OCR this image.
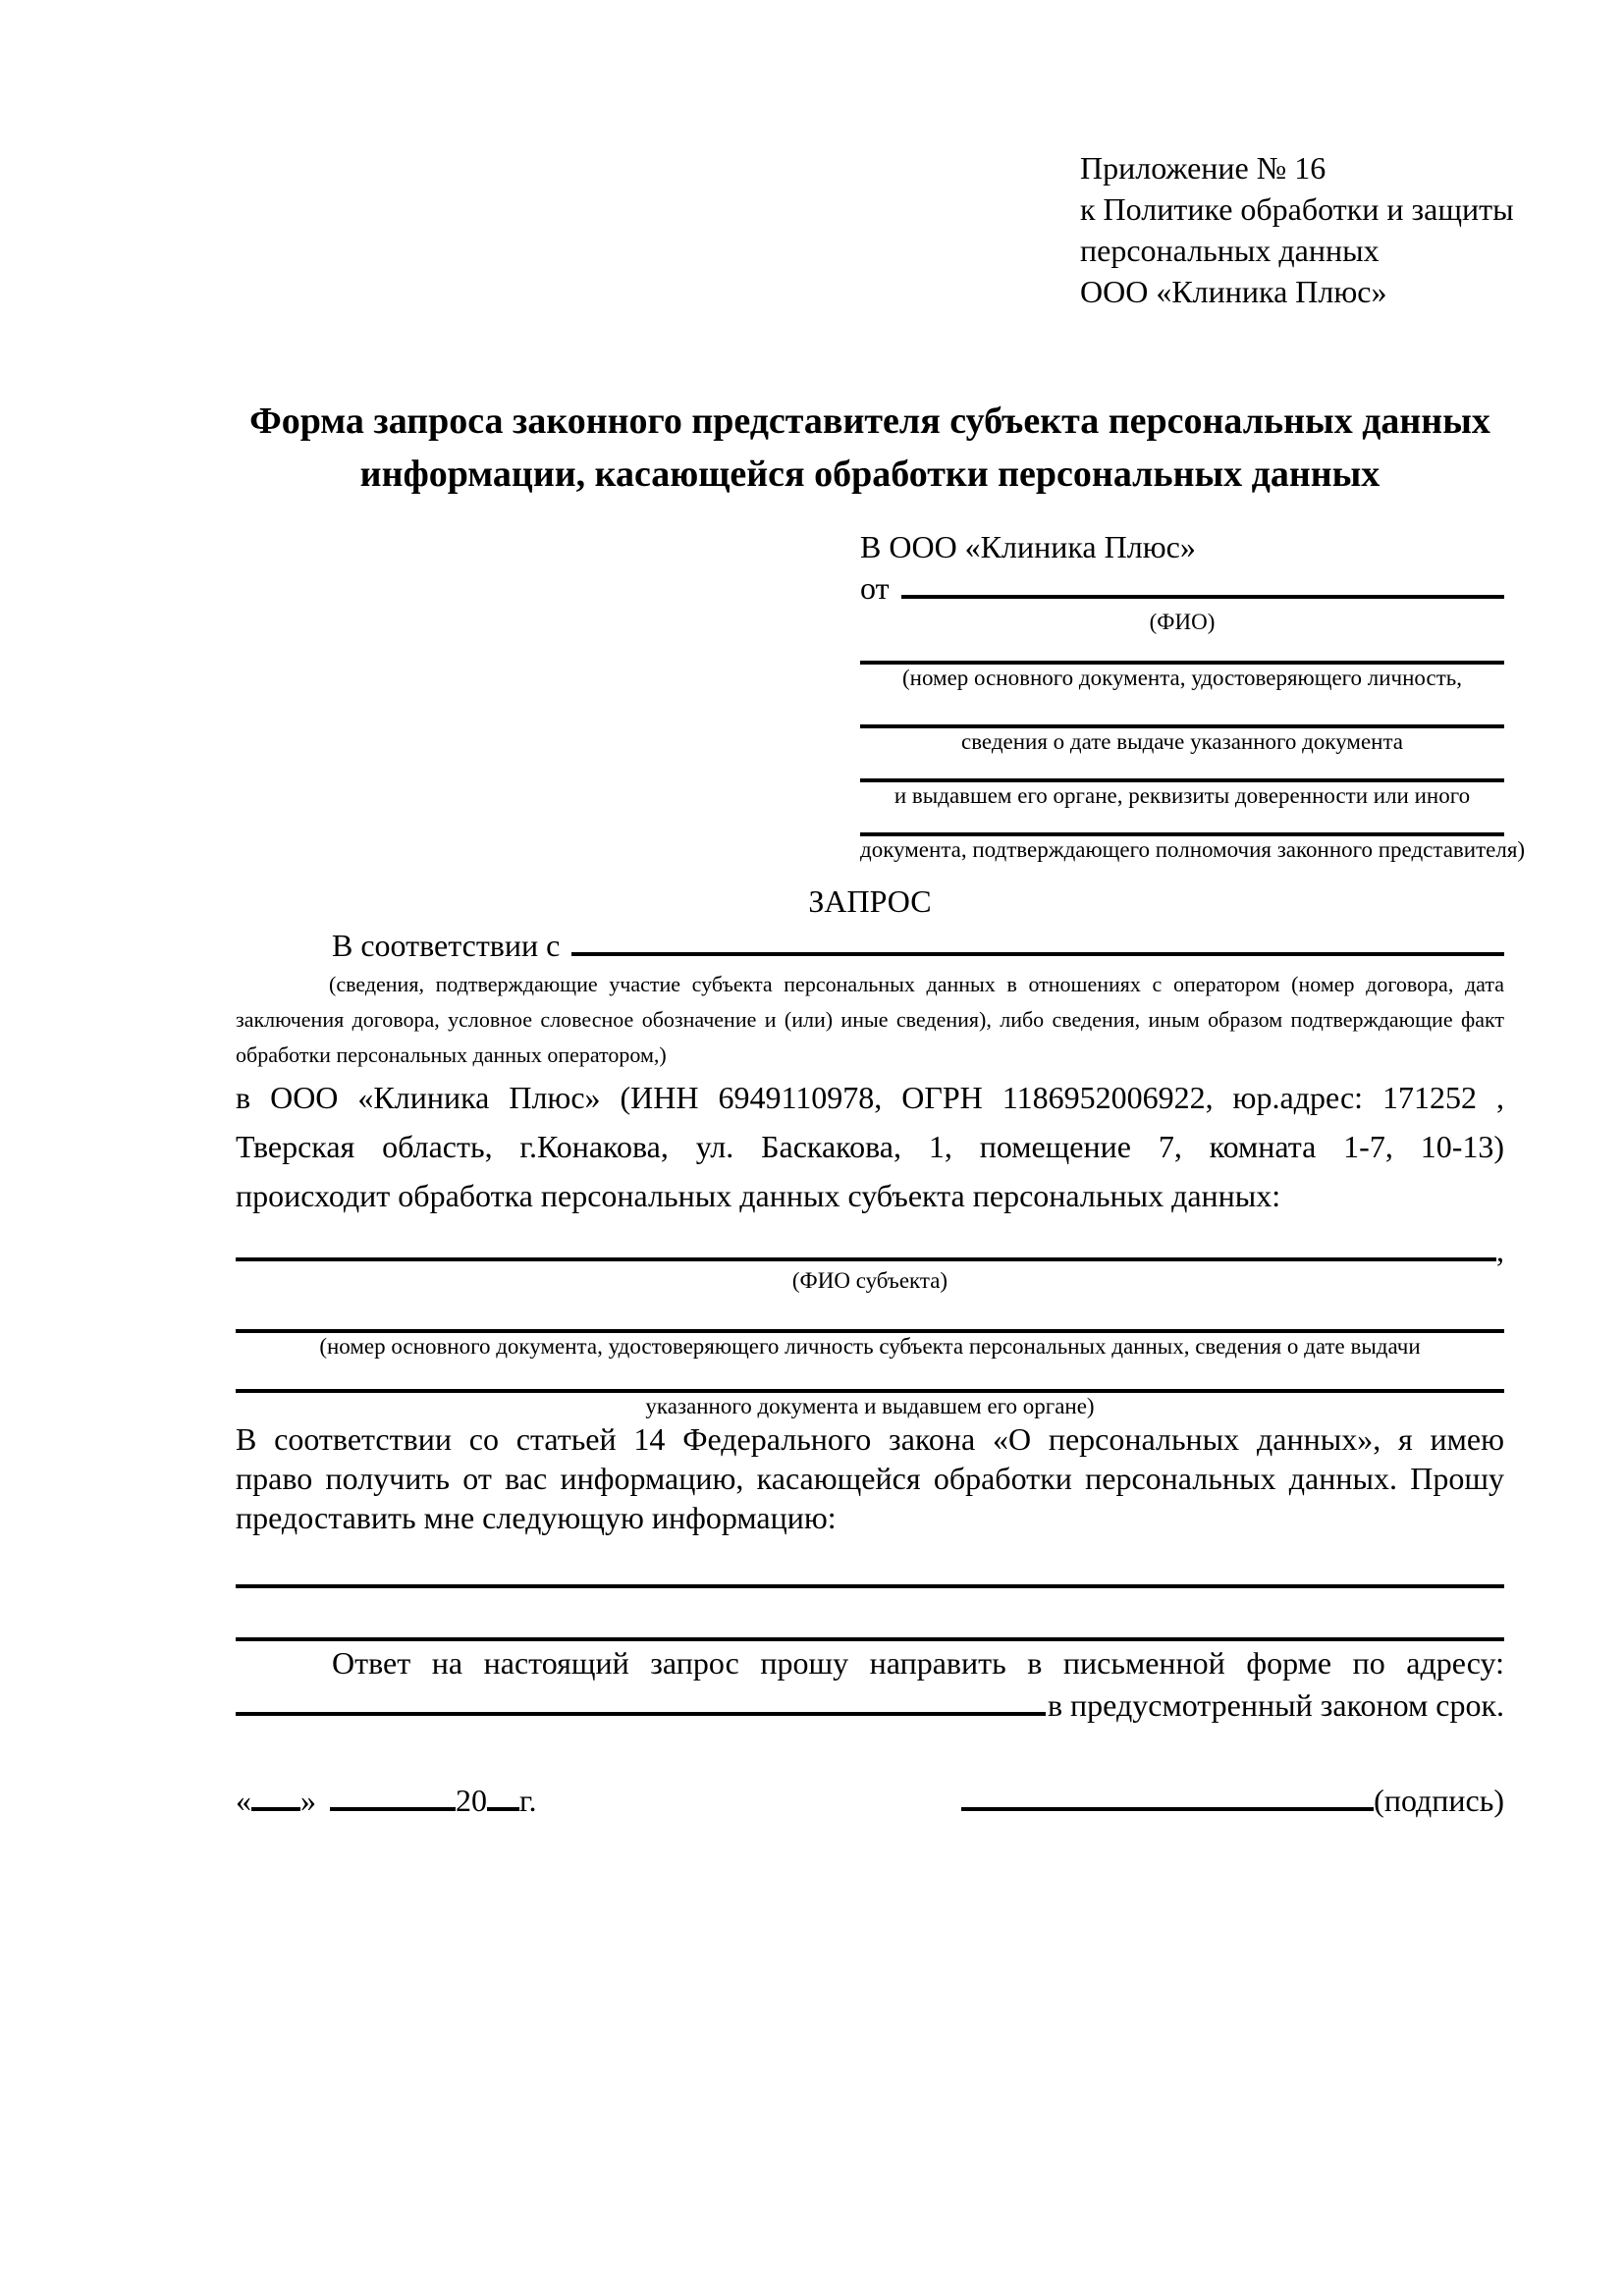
Приложение № 16
к Политике обработки и защиты
персональных данных
ООО «Клиника Плюс»
Форма запроса законного представителя субъекта персональных данных
информации, касающейся обработки персональных данных
В ООО «Клиника Плюс»
от
(ФИО)
(номер основного документа, удостоверяющего личность,
сведения о дате выдаче указанного документа
и выдавшем его органе, реквизиты доверенности или иного
документа, подтверждающего полномочия законного представителя)
ЗАПРОС
В соответствии с
(сведения, подтверждающие участие субъекта персональных данных в отношениях с оператором (номер договора, дата
заключения договора, условное словесное обозначение и (или) иные сведения), либо сведения, иным образом подтверждающие факт
обработки персональных данных оператором,)
в ООО «Клиника Плюс» (ИНН 6949110978, ОГРН 1186952006922, юр.адрес: 171252 ,
Тверская область, г.Конакова, ул. Баскакова, 1, помещение 7, комната 1-7, 10-13)
происходит обработка персональных данных субъекта персональных данных:
,
(ФИО субъекта)
(номер основного документа, удостоверяющего личность субъекта персональных данных, сведения о дате выдачи
указанного документа и выдавшем его органе)
В соответствии со статьей 14 Федерального закона «О персональных данных», я имею
право получить от вас информацию, касающейся обработки персональных данных. Прошу
предоставить мне следующую информацию:
Ответ на настоящий запрос прошу направить в письменной форме по адресу:
в предусмотренный законом срок.
« »	20 г.	(подпись)
